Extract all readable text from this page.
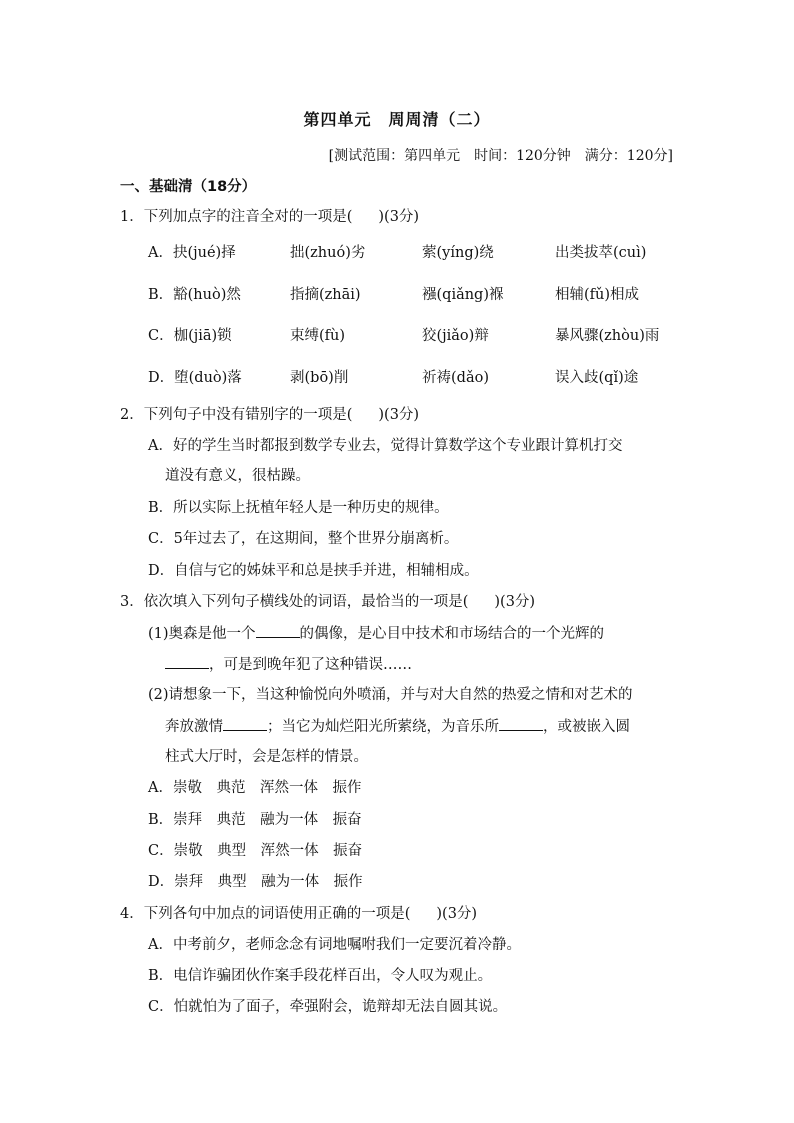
第四单元　周周清（二）
[测试范围：第四单元　时间：120分钟　满分：120分]
一、基础清（18分）
1．下列加点字的注音全对的一项是( )(3分)
A．抉(jué)择	拙(zhuó)劣	萦(yíng)绕	出类拔萃(cuì)
B．豁(huò)然	指摘(zhāi)	襁(qiǎng)褓	相辅(fǔ)相成
C．枷(jiā)锁	束缚(fù)	狡(jiǎo)辩	暴风骤(zhòu)雨
D．堕(duò)落	剥(bō)削	祈祷(dǎo)	误入歧(qǐ)途
2．下列句子中没有错别字的一项是( )(3分)
A．好的学生当时都报到数学专业去，觉得计算数学这个专业跟计算机打交
道没有意义，很枯躁。
B．所以实际上抚植年轻人是一种历史的规律。
C．5年过去了，在这期间，整个世界分崩离析。
D．自信与它的姊妹平和总是挟手并进，相辅相成。
3．依次填入下列句子横线处的词语，最恰当的一项是( )(3分)
(1)奥森是他一个	的偶像，是心目中技术和市场结合的一个光辉的
，可是到晚年犯了这种错误……
(2)请想象一下，当这种愉悦向外喷涌，并与对大自然的热爱之情和对艺术的
奔放激情	；当它为灿烂阳光所萦绕，为音乐所	，或被嵌入圆
柱式大厅时，会是怎样的情景。
A．崇敬　典范　浑然一体　振作
B．崇拜　典范　融为一体　振奋
C．崇敬　典型　浑然一体　振奋
D．崇拜　典型　融为一体　振作
4．下列各句中加点的词语使用正确的一项是( )(3分)
A．中考前夕，老师念念有词地嘱咐我们一定要沉着冷静。
B．电信诈骗团伙作案手段花样百出，令人叹为观止。
C．怕就怕为了面子，牵强附会，诡辩却无法自圆其说。
